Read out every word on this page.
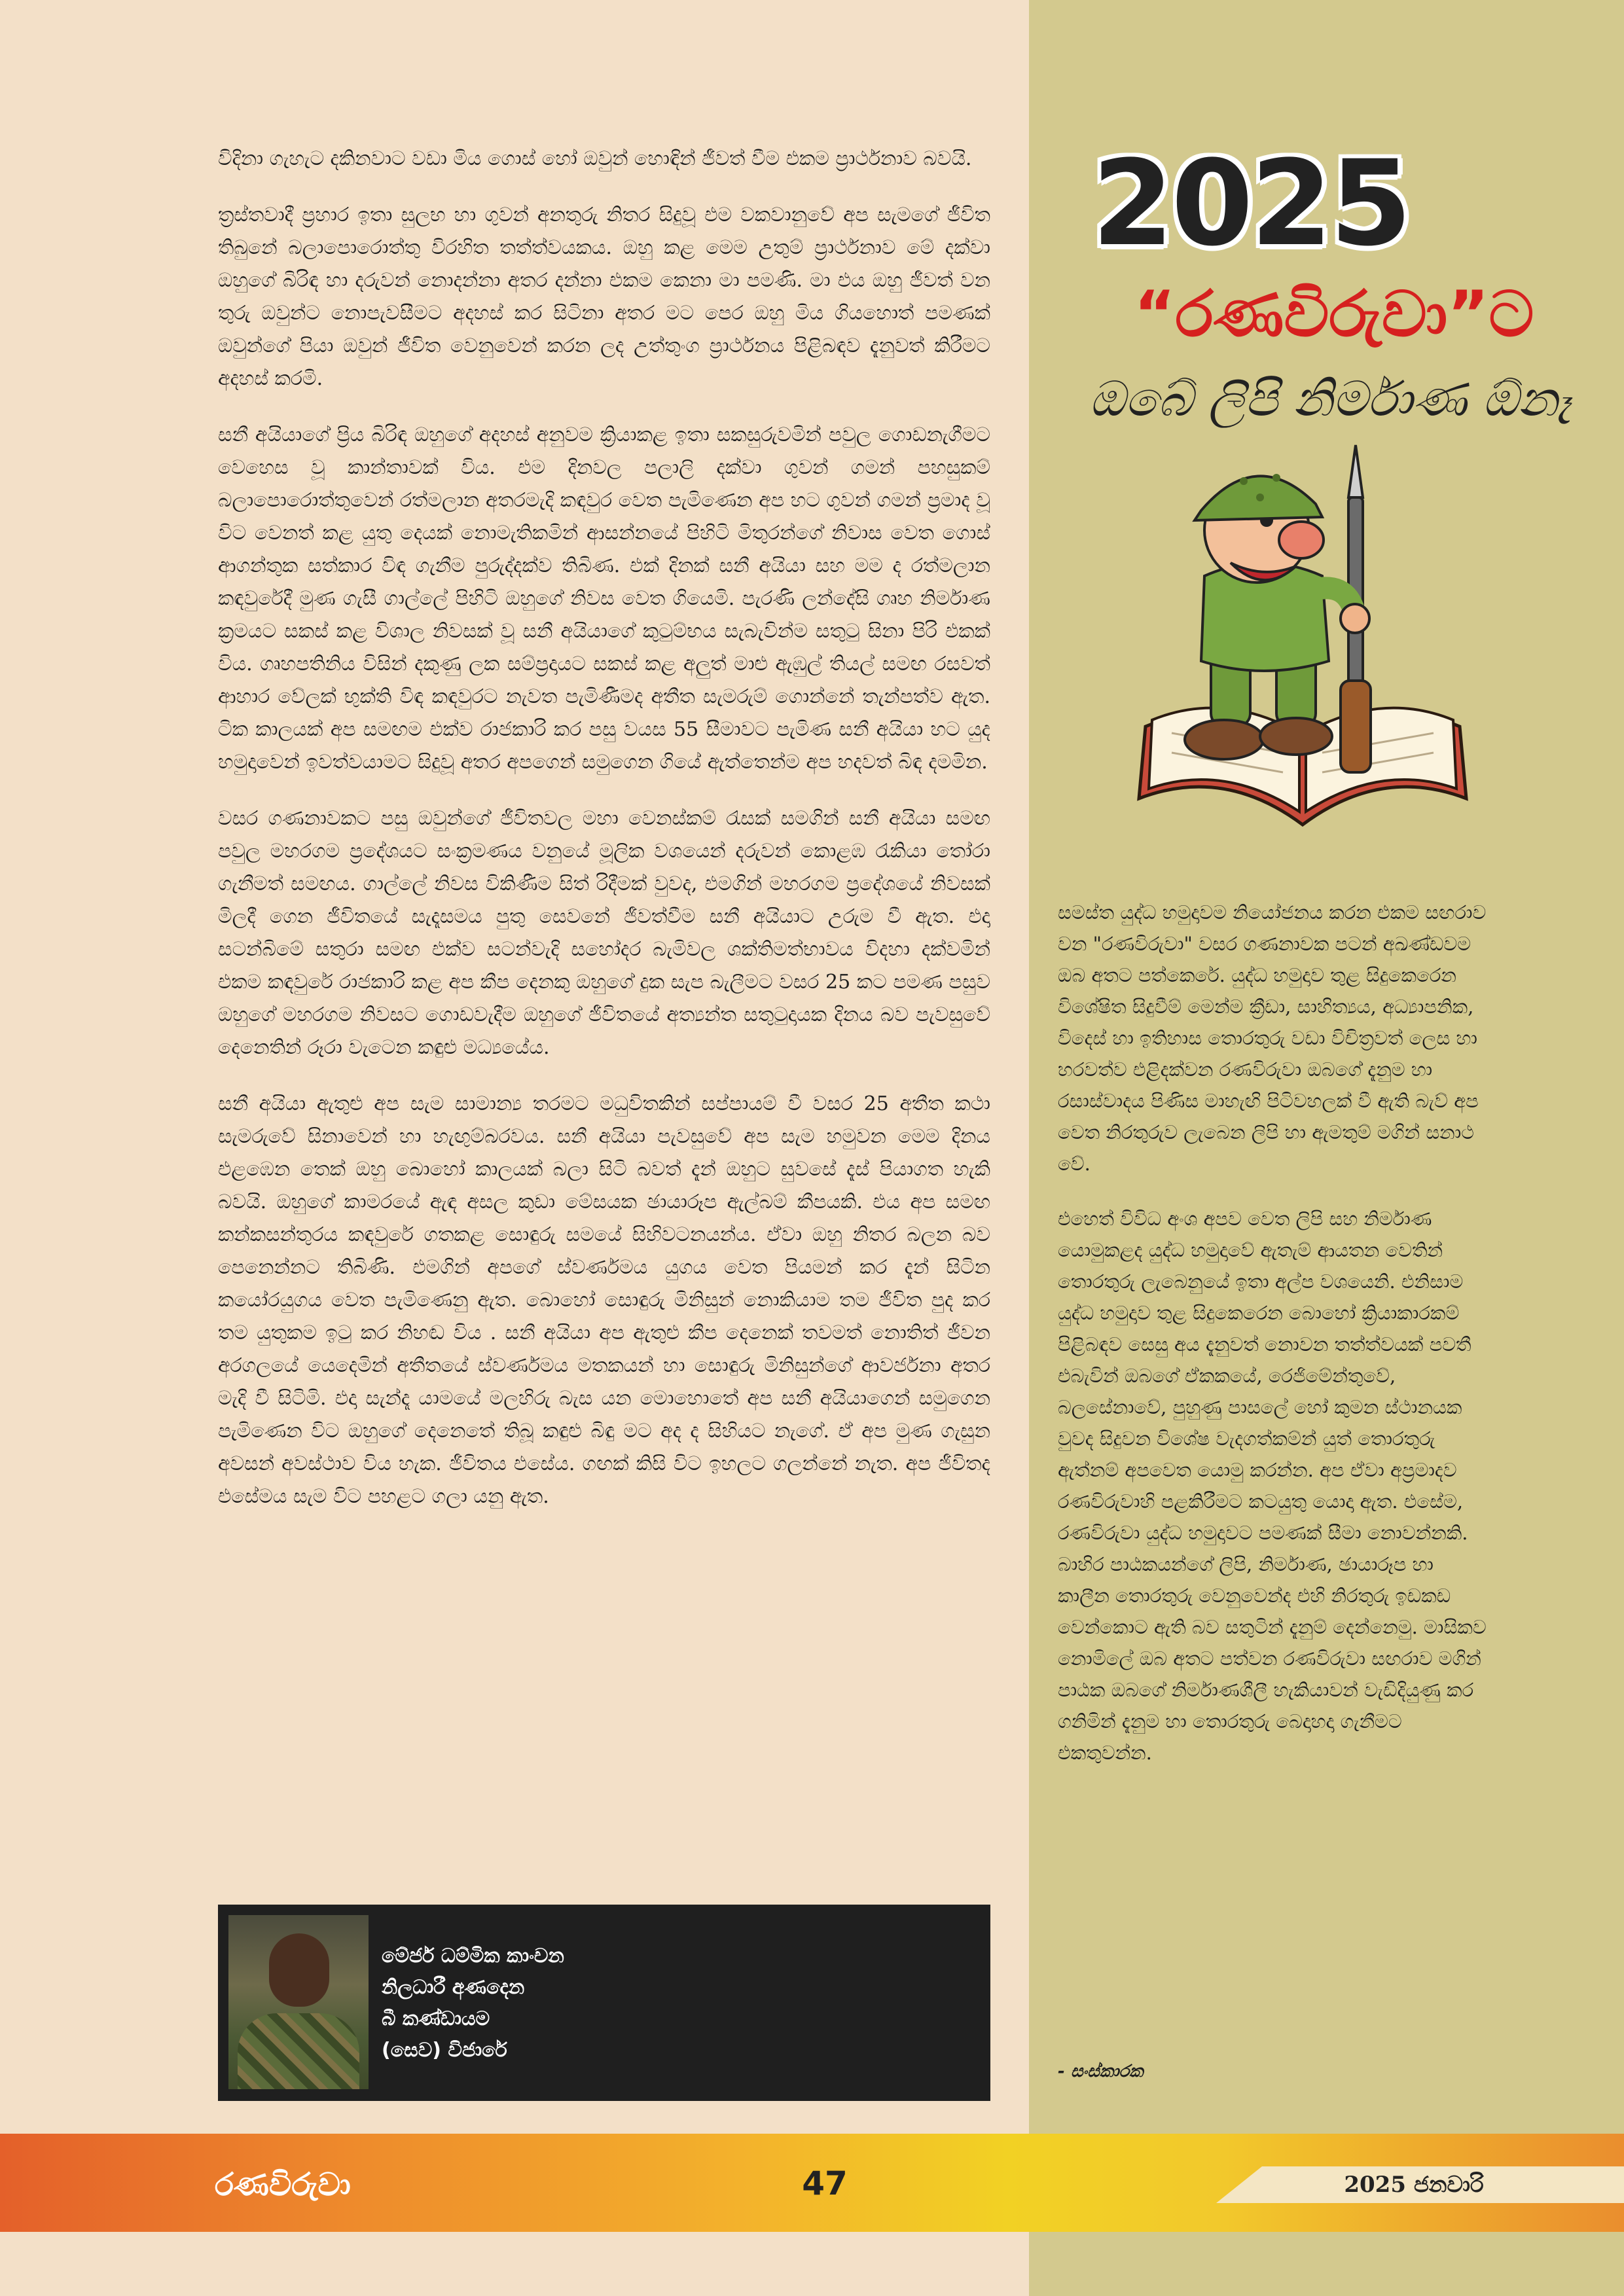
විදිනා ගැහැට දකිනවාට වඩා මිය ගොස් හෝ ඔවුන් හොඳින් ජීවත් වීම එකම ප්‍රාර්ථනාව බවයි.

ත්‍රස්තවාදී ප්‍රහාර ඉතා සුලභ හා ගුවන් අනතුරු නිතර සිදුවූ එම වකවානුවේ අප සැමගේ ජීවිත තිබුනේ බලාපොරොත්තු විරහිත තත්ත්වයකය. ඔහු කළ මෙම උතුම් ප්‍රාර්ථනාව මේ දක්වා ඔහුගේ බිරිඳ හා දරුවන් නොදන්නා අතර දන්නා එකම කෙනා මා පමණි. මා එය ඔහු ජීවත් වන තුරු ඔවුන්ට නොපැවසීමට අදහස් කර සිටිනා අතර මට පෙර ඔහු මිය ගියහොත් පමණක් ඔවුන්ගේ පියා ඔවුන් ජීවිත වෙනුවෙන් කරන ලද උත්තුංග ප්‍රාර්ථනය පිළිබඳව දැනුවත් කිරීමට අදහස් කරමි.

සනී අයියාගේ ප්‍රිය බිරිඳ ඔහුගේ අදහස් අනුවම ක්‍රියාකළ ඉතා සකසුරුවමින් පවුල ගොඩනැගීමට වෙහෙස වූ කාන්තාවක් විය. එම දිනවල පලාලි දක්වා ගුවන් ගමන් පහසුකම් බලාපොරොත්තුවෙන් රත්මලාන අතරමැදි කඳවුර වෙත පැමිණෙන අප හට ගුවන් ගමන් ප්‍රමාද වූ විට වෙනත් කළ යුතු දෙයක් නොමැතිකමින් ආසන්නයේ පිහිටි මිතුරන්ගේ නිවාස වෙත ගොස් ආගන්තුක සත්කාර විඳ ගැනීම පුරුද්දක්ව තිබිණ. එක් දිනක් සනී අයියා සහ මම ද රත්මලාන කඳවුරේදී මුණ ගැසී ගාල්ලේ පිහිටි ඔහුගේ නිවස වෙත ගියෙමි. පැරණි ලන්දේසි ගෘහ නිර්මාණ ක්‍රමයට සකස් කළ විශාල නිවසක් වූ සනී අයියාගේ කුටුම්භය සැබැවින්ම සතුටු සිනා පිරි එකක් විය. ගෘහපතිනිය විසින් දකුණු ලක සම්ප්‍රදායට සකස් කළ අලුත් මාළු ඇඹුල් තියල් සමඟ රසවත් ආහාර වේලක් භුක්ති විඳ කඳවුරට නැවත පැමිණීමද අතීත සැමරුම් ගොන්නේ තැන්පත්ව ඇත. ටික කාලයක් අප සමඟම එක්ව රාජකාරි කර පසු වයස 55 සීමාවට පැමිණ සනී අයියා හට යුද හමුදාවෙන් ඉවත්වයාමට සිදුවූ අතර අපගෙන් සමුගෙන ගියේ ඇත්තෙන්ම අප හදවත් බිඳ දමමින.

වසර ගණනාවකට පසු ඔවුන්ගේ ජීවිතවල මහා වෙනස්කම් රැසක් සමගින් සනී අයියා සමඟ පවුල මහරගම ප්‍රදේශයට සංක්‍රමණය වනුයේ මූලික වශයෙන් දරුවන් කොළඹ රැකියා තෝරා ගැනීමත් සමඟය. ගාල්ලේ නිවස විකිණීම සිත් රිදීමක් වුවද, එමගින් මහරගම ප්‍රදේශයේ නිවසක් මිලදී ගෙන ජීවිතයේ සැදෑසමය පුතු සෙවනේ ජීවත්වීම සනී අයියාට උරුම වී ඇත. එදා සටන්බිමේ සතුරා සමඟ එක්ව සටන්වැදි සහෝදර බැමිවල ශක්තිමත්භාවය විදහා දක්වමින් එකම කඳවුරේ රාජකාරි කළ අප කීප දෙනකු ඔහුගේ දුක සැප බැලීමට වසර 25 කට පමණ පසුව ඔහුගේ මහරගම නිවසට ගොඩවැදීම ඔහුගේ ජීවිතයේ අත්‍යන්ත සතුටුදායක දිනය බව පැවසුවේ දෙනෙතින් රූරා වැටෙන කඳුළු මධ්‍යයේය.

සනී අයියා ඇතුළු අප සැම සාමාන්‍ය තරමට මධුවිතකින් සප්පායම් වී වසර 25 අතීත කථා සැමරුවේ සිනාවෙන් හා හැඟුම්බරවය. සනී අයියා පැවසුවේ අප සැම හමුවන මෙම දිනය එළඹෙන තෙක් ඔහු බොහෝ කාලයක් බලා සිටි බවත් දැන් ඔහුට සුවසේ දැස් පියාගත හැකි බවයි. ඔහුගේ කාමරයේ ඇඳ අසල කුඩා මේසයක ඡායාරූප ඇල්බම් කීපයකි. එය අප සමඟ කන්කසන්තුරය කඳවුරේ ගතකළ සොඳුරු සමයේ සිහිවටනයන්ය. ඒවා ඔහු නිතර බලන බව පෙනෙන්නට තිබිණි. එමගින් අපගේ ස්වර්ණමය යුගය වෙත පියමන් කර දැන් සිටින කයෝරයුගය වෙත පැමිණෙනු ඇත. බොහෝ සොඳුරු මිනිසුන් නොකියාම තම ජීවිත පුද කර තම යුතුකම ඉටු කර නිහඬ විය . සනී අයියා අප ඇතුළු කීප දෙනෙක් තවමත් නොතිත් ජීවන අරගලයේ යෙදෙමින් අතීතයේ ස්වර්ණමය මතකයන් හා සොඳුරු මිනිසුන්ගේ ආවර්ජනා අතර මැදි වී සිටිමි. එදා සැන්දෑ යාමයේ මලහිරු බැස යන මොහොතේ අප සනී අයියාගෙන් සමුගෙන පැමිණෙන විට ඔහුගේ දෙනෙතේ තිබූ කඳුළු බිඳු මට අද ද සිහියට නැගේ. ඒ අප මුණ ගැසුන අවසන් අවස්ථාව විය හැක. ජීවිතය එසේය. ගඟක් කිසි විට ඉහලට ගලන්නේ නැත. අප ජීවිතද එසේමය සැම විට පහළට ගලා යනු ඇත.

මේජර් ධම්මික කාංචන
නිලධාරී අණදෙන
බී කණ්ඩායම
(සෙව) විජාරේ
2025
“රණවිරුවා”ට
ඔබේ ලිපි නිර්මාණ ඕනෑ

සමස්ත යුද්ධ හමුදාවම නියෝජනය කරන එකම සඟරාව වන "රණවිරුවා" වසර ගණනාවක පටන් අඛණ්ඩවම ඔබ අතට පත්කෙරේ. යුද්ධ හමුදාව තුළ සිදුකෙරෙන විශේෂිත සිදුවීම් මෙන්ම ක්‍රීඩා, සාහිත්‍යය, අධ්‍යාපනික, විදෙස් හා ඉතිහාස තොරතුරු වඩා විචිත්‍රවත් ලෙස හා හරවත්ව එළිදක්වන රණවිරුවා ඔබගේ දැනුම හා රසාස්වාදය පිණිස මාහැඟි පිටිවහලක් වී ඇති බැව් අප වෙත නිරතුරුව ලැබෙන ලිපි හා ඇමතුම් මගින් සනාථ වේ.

එහෙත් විවිධ අංශ අපව වෙත ලිපි සහ නිර්මාණ යොමුකළද යුද්ධ හමුදාවේ ඇතැම් ආයතන වෙතින් තොරතුරු ලැබෙනුයේ ඉතා අල්ප වශයෙනි. එනිසාම යුද්ධ හමුදාව තුළ සිදුකෙරෙන බොහෝ ක්‍රියාකාරකම් පිළිබඳව සෙසු අය දැනුවත් නොවන තත්ත්වයක් පවතී එබැවින් ඔබගේ ඒකකයේ, රෙජිමේන්තුවේ, බලසේනාවේ, පුහුණු පාසලේ හෝ කුමන ස්ථානයක වුවද සිදුවන විශේෂ වැදගත්කම්න් යුත් තොරතුරු ඇත්නම් අපවෙත යොමු කරන්න. අප ඒවා අප්‍රමාදව රණවිරුවාහි පළකිරීමට කටයුතු යොදා ඇත. එසේම, රණවිරුවා යුද්ධ හමුදාවට පමණක් සීමා නොවන්නකි. බාහිර පාඨකයන්ගේ ලිපි, නිර්මාණ, ඡායාරූප හා කාලීන තොරතුරු වෙනුවෙන්ද එහි නිරතුරු ඉඩකඩ වෙන්කොට ඇති බව සතුටින් දැනුම් දෙන්නෙමු. මාසිකව නොමිලේ ඔබ අතට පත්වන රණවිරුවා සඟරාව මගින් පාඨක ඔබගේ නිර්මාණශීලී හැකියාවන් වැඩිදියුණු කර ගනිමින් දැනුම හා තොරතුරු බෙදාහදා ගැනීමට එකතුවන්න.

- සංස්කාරක
රණවිරුවා	47	2025 ජනවාරි
